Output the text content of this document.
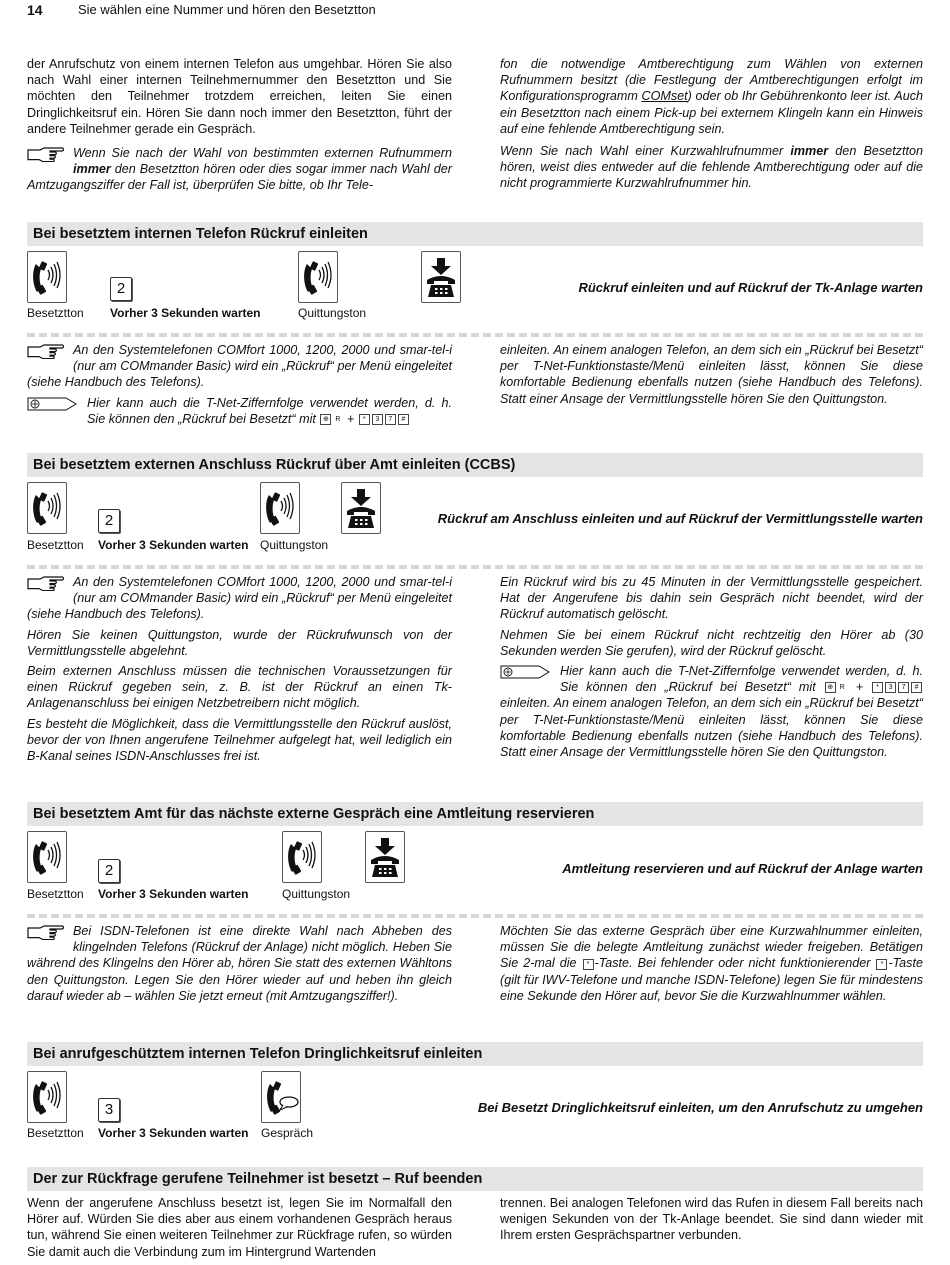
14	Sie wählen eine Nummer und hören den Besetztton

der Anrufschutz von einem internen Telefon aus umgehbar. Hören Sie also nach Wahl einer internen Teilnehmernummer den Besetztton und Sie möchten den Teilnehmer trotzdem erreichen, leiten Sie einen Dringlichkeitsruf ein. Hören Sie dann noch immer den Besetztton, führt der andere Teilnehmer gerade ein Gespräch.

Wenn Sie nach der Wahl von bestimmten externen Rufnummern immer den Besetztton hören oder dies sogar immer nach Wahl der Amtzugangsziffer der Fall ist, überprüfen Sie bitte, ob Ihr Tele-

fon die notwendige Amtberechtigung zum Wählen von externen Rufnummern besitzt (die Festlegung der Amtberechtigungen erfolgt im Konfigurationsprogramm COMset) oder ob Ihr Gebührenkonto leer ist. Auch ein Besetztton nach einem Pick-up bei externem Klingeln kann ein Hinweis auf eine fehlende Amtberechtigung sein.

Wenn Sie nach Wahl einer Kurzwahlrufnummer immer den Besetztton hören, weist dies entweder auf die fehlende Amtberechtigung oder auf die nicht programmierte Kurzwahlrufnummer hin.

Bei besetztem internen Telefon Rückruf einleiten
2
Besetztton Vorher 3 Sekunden warten	Quittungston
Rückruf einleiten und auf Rückruf der Tk-Anlage warten

An den Systemtelefonen COMfort 1000, 1200, 2000 und smar-tel-i (nur am COMmander Basic) wird ein „Rückruf“ per Menü eingeleitet (siehe Handbuch des Telefons).

Hier kann auch die T-Net-Ziffernfolge verwendet werden, d. h. Sie können den „Rückruf bei Besetzt“ mit ⊕ R + * 3 7 #

einleiten. An einem analogen Telefon, an dem sich ein „Rückruf bei Besetzt“ per T-Net-Funktionstaste/Menü einleiten lässt, können Sie diese komfortable Bedienung ebenfalls nutzen (siehe Handbuch des Telefons). Statt einer Ansage der Vermittlungsstelle hören Sie den Quittungston.
Bei besetztem externen Anschluss Rückruf über Amt einleiten (CCBS)
2
Besetztton Vorher 3 Sekunden warten Quittungston
Rückruf am Anschluss einleiten und auf Rückruf der Vermittlungsstelle warten

An den Systemtelefonen COMfort 1000, 1200, 2000 und smar-tel-i (nur am COMmander Basic) wird ein „Rückruf“ per Menü eingeleitet (siehe Handbuch des Telefons).

Hören Sie keinen Quittungston, wurde der Rückrufwunsch von der Vermittlungsstelle abgelehnt.

Beim externen Anschluss müssen die technischen Voraussetzungen für einen Rückruf gegeben sein, z. B. ist der Rückruf an einen Tk-Anlagenanschluss bei einigen Netzbetreibern nicht möglich.

Es besteht die Möglichkeit, dass die Vermittlungsstelle den Rückruf auslöst, bevor der von Ihnen angerufene Teilnehmer aufgelegt hat, weil lediglich ein B-Kanal seines ISDN-Anschlusses frei ist.

Ein Rückruf wird bis zu 45 Minuten in der Vermittlungsstelle gespeichert. Hat der Angerufene bis dahin sein Gespräch nicht beendet, wird der Rückruf automatisch gelöscht.

Nehmen Sie bei einem Rückruf nicht rechtzeitig den Hörer ab (30 Sekunden werden Sie gerufen), wird der Rückruf gelöscht.

Hier kann auch die T-Net-Ziffernfolge verwendet werden, d. h. Sie können den „Rückruf bei Besetzt“ mit ⊕ R + * 3 7 # einleiten. An einem analogen Telefon, an dem sich ein „Rückruf bei Besetzt“ per T-Net-Funktionstaste/Menü einleiten lässt, können Sie diese komfortable Bedienung ebenfalls nutzen (siehe Handbuch des Telefons). Statt einer Ansage der Vermittlungsstelle hören Sie den Quittungston.

Bei besetztem Amt für das nächste externe Gespräch eine Amtleitung reservieren
2
Besetztton Vorher 3 Sekunden warten	Quittungston
Amtleitung reservieren und auf Rückruf der Anlage warten

Bei ISDN-Telefonen ist eine direkte Wahl nach Abheben des klingelnden Telefons (Rückruf der Anlage) nicht möglich. Heben Sie während des Klingelns den Hörer ab, hören Sie statt des externen Wähltons den Quittungston. Legen Sie den Hörer wieder auf und heben ihn gleich darauf wieder ab – wählen Sie jetzt erneut (mit Amtzugangsziffer!).

Möchten Sie das externe Gespräch über eine Kurzwahlnummer einleiten, müssen Sie die belegte Amtleitung zunächst wieder freigeben. Betätigen Sie 2-mal die * -Taste. Bei fehlender oder nicht funktionierender * -Taste (gilt für IWV-Telefone und manche ISDN-Telefone) legen Sie für mindestens eine Sekunde den Hörer auf, bevor Sie die Kurzwahlnummer wählen.

Bei anrufgeschütztem internen Telefon Dringlichkeitsruf einleiten
3
Besetztton Vorher 3 Sekunden warten Gespräch
Bei Besetzt Dringlichkeitsruf einleiten, um den Anrufschutz zu umgehen
Der zur Rückfrage gerufene Teilnehmer ist besetzt – Ruf beenden
Wenn der angerufene Anschluss besetzt ist, legen Sie im Normalfall den Hörer auf. Würden Sie dies aber aus einem vorhandenen Gespräch heraus tun, während Sie einen weiteren Teilnehmer zur Rückfrage rufen, so würden Sie damit auch die Verbindung zum im Hintergrund Wartenden
trennen. Bei analogen Telefonen wird das Rufen in diesem Fall bereits nach wenigen Sekunden von der Tk-Anlage beendet. Sie sind dann wieder mit Ihrem ersten Gesprächspartner verbunden.
